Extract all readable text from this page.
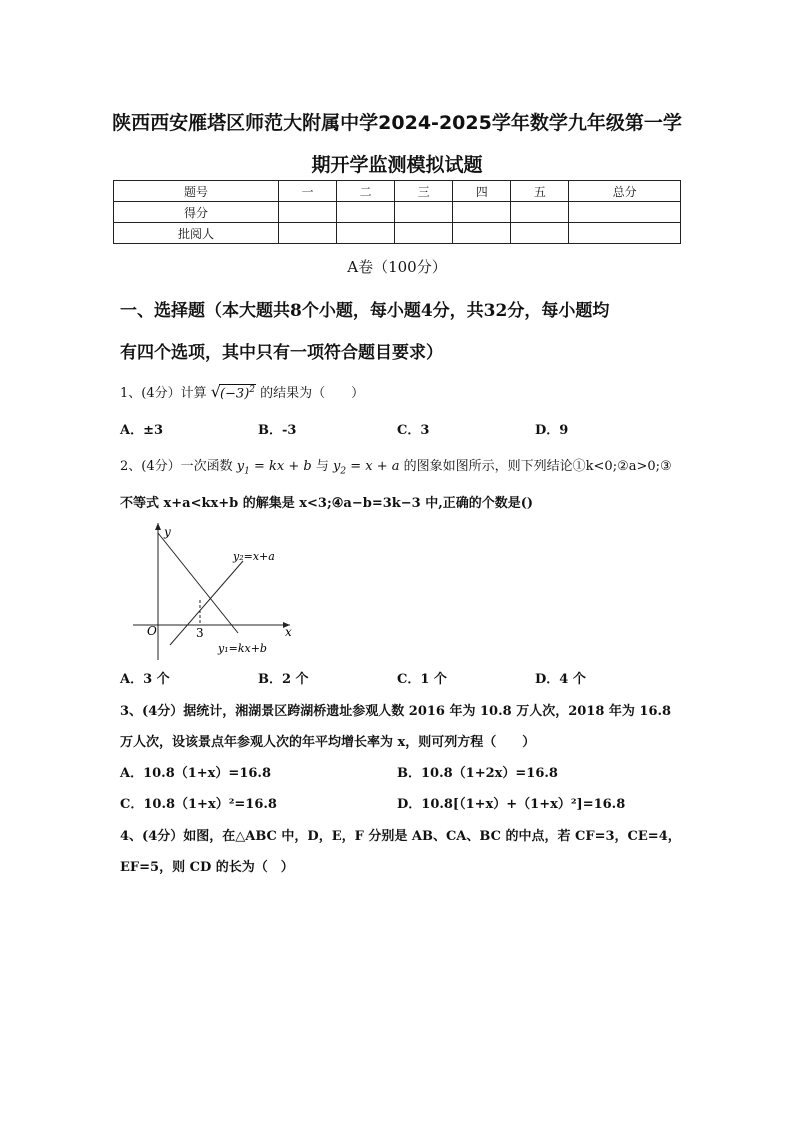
陕西西安雁塔区师范大附属中学2024-2025学年数学九年级第一学
期开学监测模拟试题
题号	一	二	三	四	五	总分
得分						
批阅人						
A卷（100分）
一、选择题（本大题共8个小题，每小题4分，共32分，每小题均
有四个选项，其中只有一项符合题目要求）
1、(4分）计算 $√(-3)^2$ 的结果为（　　）
A．±3	B．-3	C．3	D．9
2、(4分）一次函数 $y_1$ = kx + b 与 $y_2 = x + a$ 的图象如图所示，则下列结论①k<0;②a>0;③
不等式 x+a<kx+b 的解集是 x<3;④a−b=3k−3 中,正确的个数是()
y
x
O	3
y₂=x+a
y₁=kx+b
A．3 个	B．2 个	C．1 个	D．4 个
3、(4分）据统计，湘湖景区跨湖桥遗址参观人数 2016 年为 10.8 万人次，2018 年为 16.8
万人次，设该景点年参观人次的年平均增长率为 x，则可列方程（　　）
A．10.8（1+x）=16.8	B．10.8（1+2x）=16.8
C．10.8（1+x）²=16.8	D．10.8[（1+x）+（1+x）²]=16.8
4、(4分）如图，在△ABC 中，D，E，F 分别是 AB、CA、BC 的中点，若 CF=3，CE=4，
EF=5，则 CD 的长为（　）
